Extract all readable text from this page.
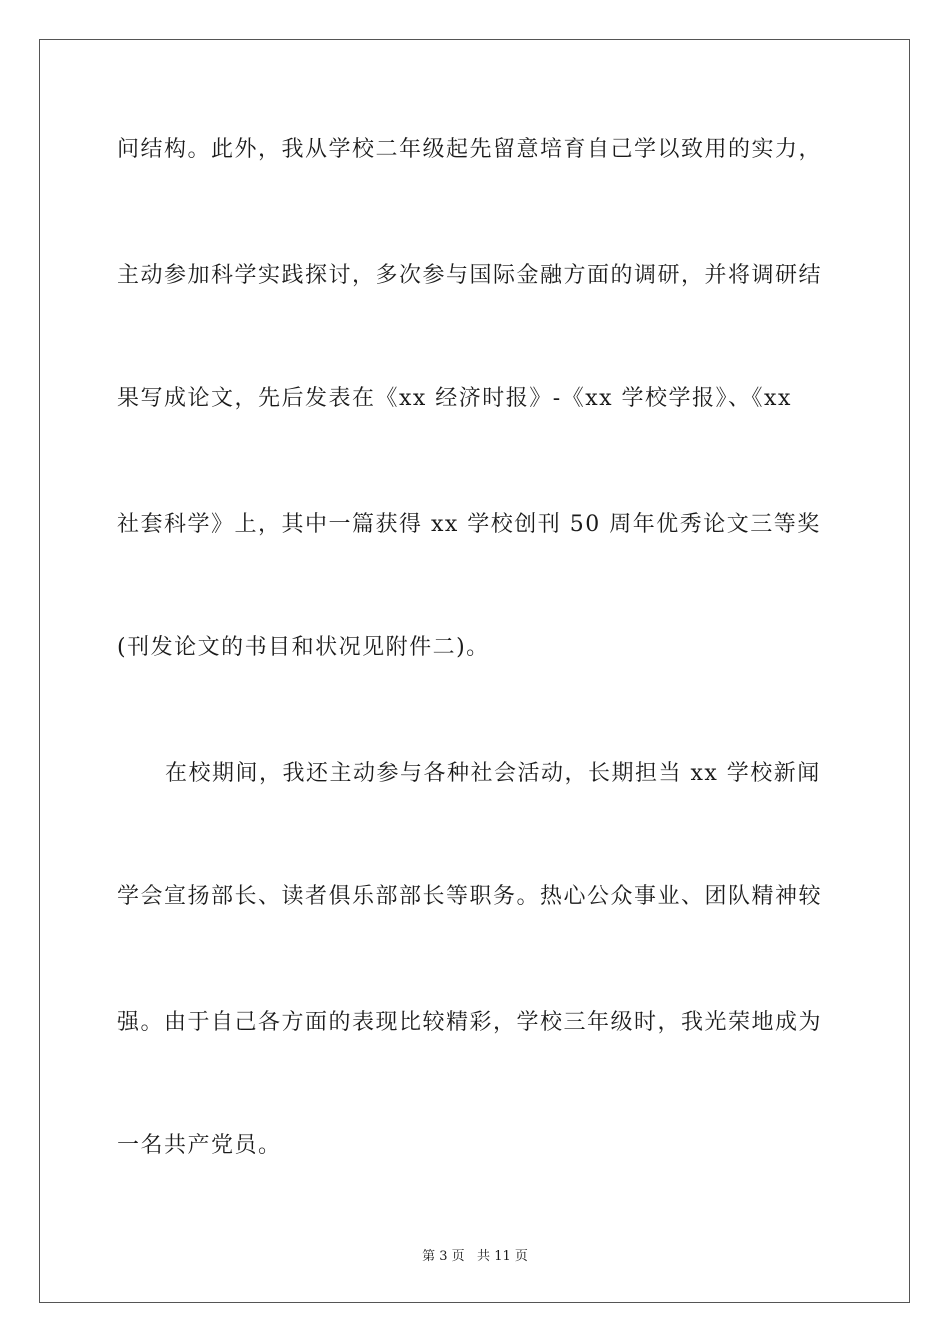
问结构。此外，我从学校二年级起先留意培育自己学以致用的实力，
主动参加科学实践探讨，多次参与国际金融方面的调研，并将调研结
果写成论文，先后发表在《xx 经济时报》-《xx 学校学报》、《xx
社套科学》上，其中一篇获得 xx 学校创刊 50 周年优秀论文三等奖
(刊发论文的书目和状况见附件二)。
在校期间，我还主动参与各种社会活动，长期担当 xx 学校新闻
学会宣扬部长、读者俱乐部部长等职务。热心公众事业、团队精神较
强。由于自己各方面的表现比较精彩，学校三年级时，我光荣地成为
一名共产党员。
第 3 页   共 11 页
